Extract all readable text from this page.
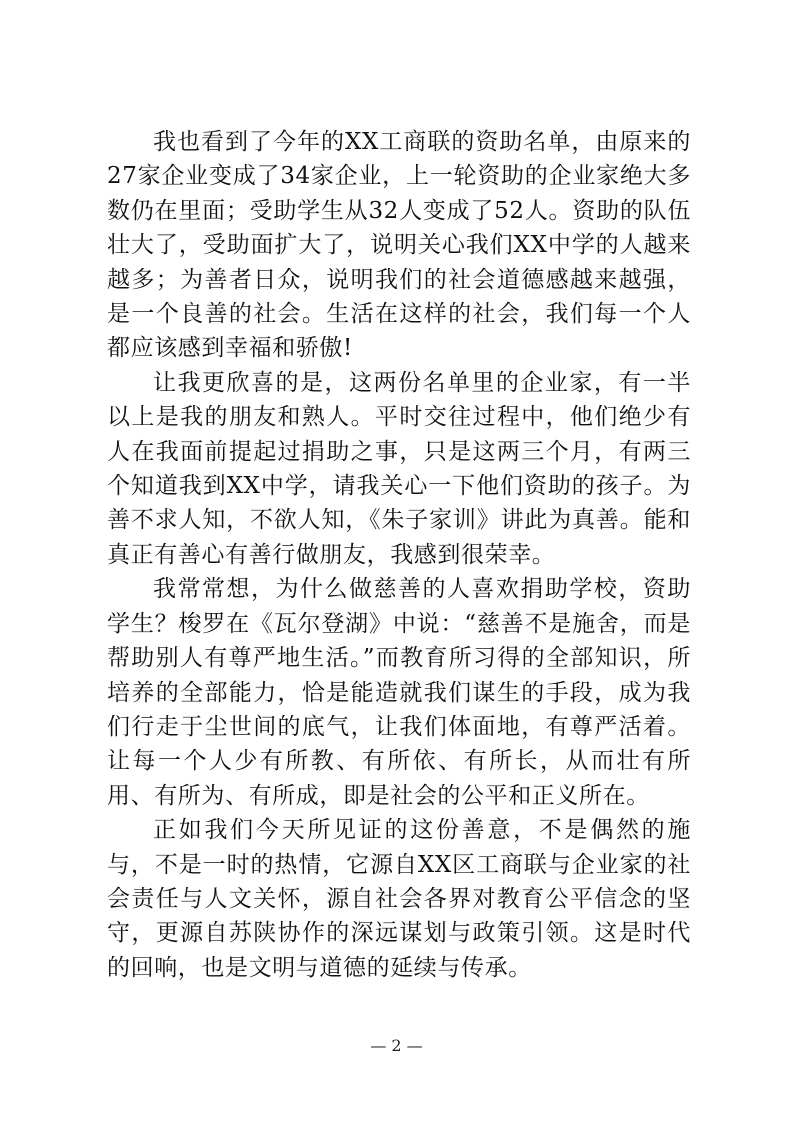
我也看到了今年的XX工商联的资助名单，由原来的27家企业变成了34家企业，上一轮资助的企业家绝大多数仍在里面；受助学生从32人变成了52人。资助的队伍壮大了，受助面扩大了，说明关心我们XX中学的人越来越多；为善者日众，说明我们的社会道德感越来越强，是一个良善的社会。生活在这样的社会，我们每一个人都应该感到幸福和骄傲!

让我更欣喜的是，这两份名单里的企业家，有一半以上是我的朋友和熟人。平时交往过程中，他们绝少有人在我面前提起过捐助之事，只是这两三个月，有两三个知道我到XX中学，请我关心一下他们资助的孩子。为善不求人知，不欲人知，《朱子家训》讲此为真善。能和真正有善心有善行做朋友，我感到很荣幸。

我常常想，为什么做慈善的人喜欢捐助学校，资助学生？梭罗在《瓦尔登湖》中说：“慈善不是施舍，而是帮助别人有尊严地生活。”而教育所习得的全部知识，所培养的全部能力，恰是能造就我们谋生的手段，成为我们行走于尘世间的底气，让我们体面地，有尊严活着。让每一个人少有所教、有所依、有所长，从而壮有所用、有所为、有所成，即是社会的公平和正义所在。

正如我们今天所见证的这份善意，不是偶然的施与，不是一时的热情，它源自XX区工商联与企业家的社会责任与人文关怀，源自社会各界对教育公平信念的坚守，更源自苏陕协作的深远谋划与政策引领。这是时代的回响，也是文明与道德的延续与传承。

— 2 —
